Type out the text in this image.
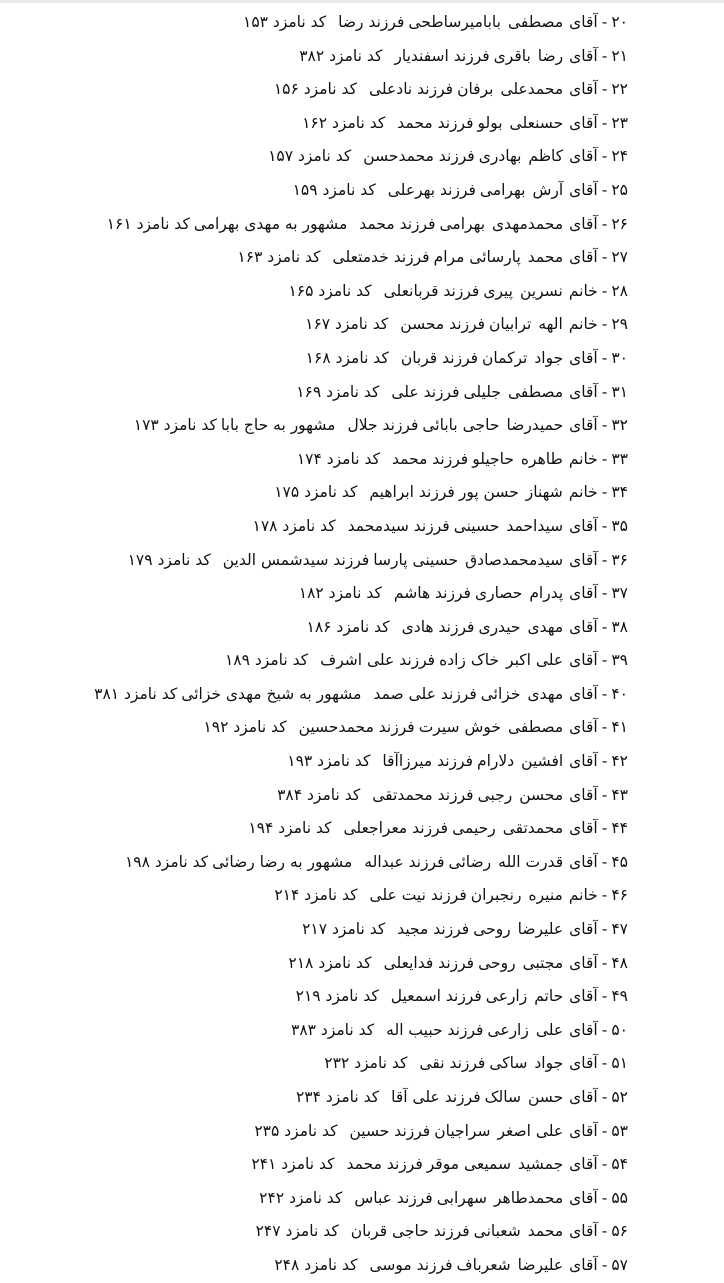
۲۰-آقایمصطفیبابامیرساطحیفرزند رضاکد نامزد ۱۵۳
۲۱-آقایرضاباقریفرزند اسفندیارکد نامزد ۳۸۲
۲۲-آقایمحمدعلیبرفانفرزند نادعلیکد نامزد ۱۵۶
۲۳-آقایحسنعلیبولوفرزند محمدکد نامزد ۱۶۲
۲۴-آقایکاظمبهادریفرزند محمدحسنکد نامزد ۱۵۷
۲۵-آقایآرشبهرامیفرزند بهرعلیکد نامزد ۱۵۹
۲۶-آقایمحمدمهدیبهرامیفرزند محمدمشهور به مهدی بهرامیکد نامزد ۱۶۱
۲۷-آقایمحمدپارسائی مرامفرزند خدمتعلیکد نامزد ۱۶۳
۲۸-خانمنسرینپیریفرزند قربانعلیکد نامزد ۱۶۵
۲۹-خانمالههترابیانفرزند محسنکد نامزد ۱۶۷
۳۰-آقایجوادترکمانفرزند قربانکد نامزد ۱۶۸
۳۱-آقایمصطفیجلیلیفرزند علیکد نامزد ۱۶۹
۳۲-آقایحمیدرضاحاجی بابائیفرزند جلالمشهور به حاج باباکد نامزد ۱۷۳
۳۳-خانمطاهرهحاجیلوفرزند محمدکد نامزد ۱۷۴
۳۴-خانمشهنازحسن پورفرزند ابراهیمکد نامزد ۱۷۵
۳۵-آقایسیداحمدحسینیفرزند سیدمحمدکد نامزد ۱۷۸
۳۶-آقایسیدمحمدصادقحسینی پارسافرزند سیدشمس الدینکد نامزد ۱۷۹
۳۷-آقایپدرامحصاریفرزند هاشمکد نامزد ۱۸۲
۳۸-آقایمهدیحیدریفرزند هادیکد نامزد ۱۸۶
۳۹-آقایعلی اکبرخاک زادهفرزند علی اشرفکد نامزد ۱۸۹
۴۰-آقایمهدیخزائیفرزند علی صمدمشهور به شیخ مهدی خزائیکد نامزد ۳۸۱
۴۱-آقایمصطفیخوش سیرتفرزند محمدحسینکد نامزد ۱۹۲
۴۲-آقایافشیندلارامفرزند میرزاآقاکد نامزد ۱۹۳
۴۳-آقایمحسنرجبیفرزند محمدتقیکد نامزد ۳۸۴
۴۴-آقایمحمدتقیرحیمیفرزند معراجعلیکد نامزد ۱۹۴
۴۵-آقایقدرت اللهرضائیفرزند عبدالهمشهور به رضا رضائیکد نامزد ۱۹۸
۴۶-خانممنیرهرنجبرانفرزند نیت علیکد نامزد ۲۱۴
۴۷-آقایعلیرضاروحیفرزند مجیدکد نامزد ۲۱۷
۴۸-آقایمجتبیروحیفرزند فدایعلیکد نامزد ۲۱۸
۴۹-آقایحاتمزارعیفرزند اسمعیلکد نامزد ۲۱۹
۵۰-آقایعلیزارعیفرزند حبیب الهکد نامزد ۳۸۳
۵۱-آقایجوادساکیفرزند نقیکد نامزد ۲۳۲
۵۲-آقایحسنسالکفرزند علی آقاکد نامزد ۲۳۴
۵۳-آقایعلی اصغرسراجیانفرزند حسینکد نامزد ۲۳۵
۵۴-آقایجمشیدسمیعی موقرفرزند محمدکد نامزد ۲۴۱
۵۵-آقایمحمدطاهرسهرابیفرزند عباسکد نامزد ۲۴۲
۵۶-آقایمحمدشعبانیفرزند حاجی قربانکد نامزد ۲۴۷
۵۷-آقایعلیرضاشعرباففرزند موسیکد نامزد ۲۴۸
